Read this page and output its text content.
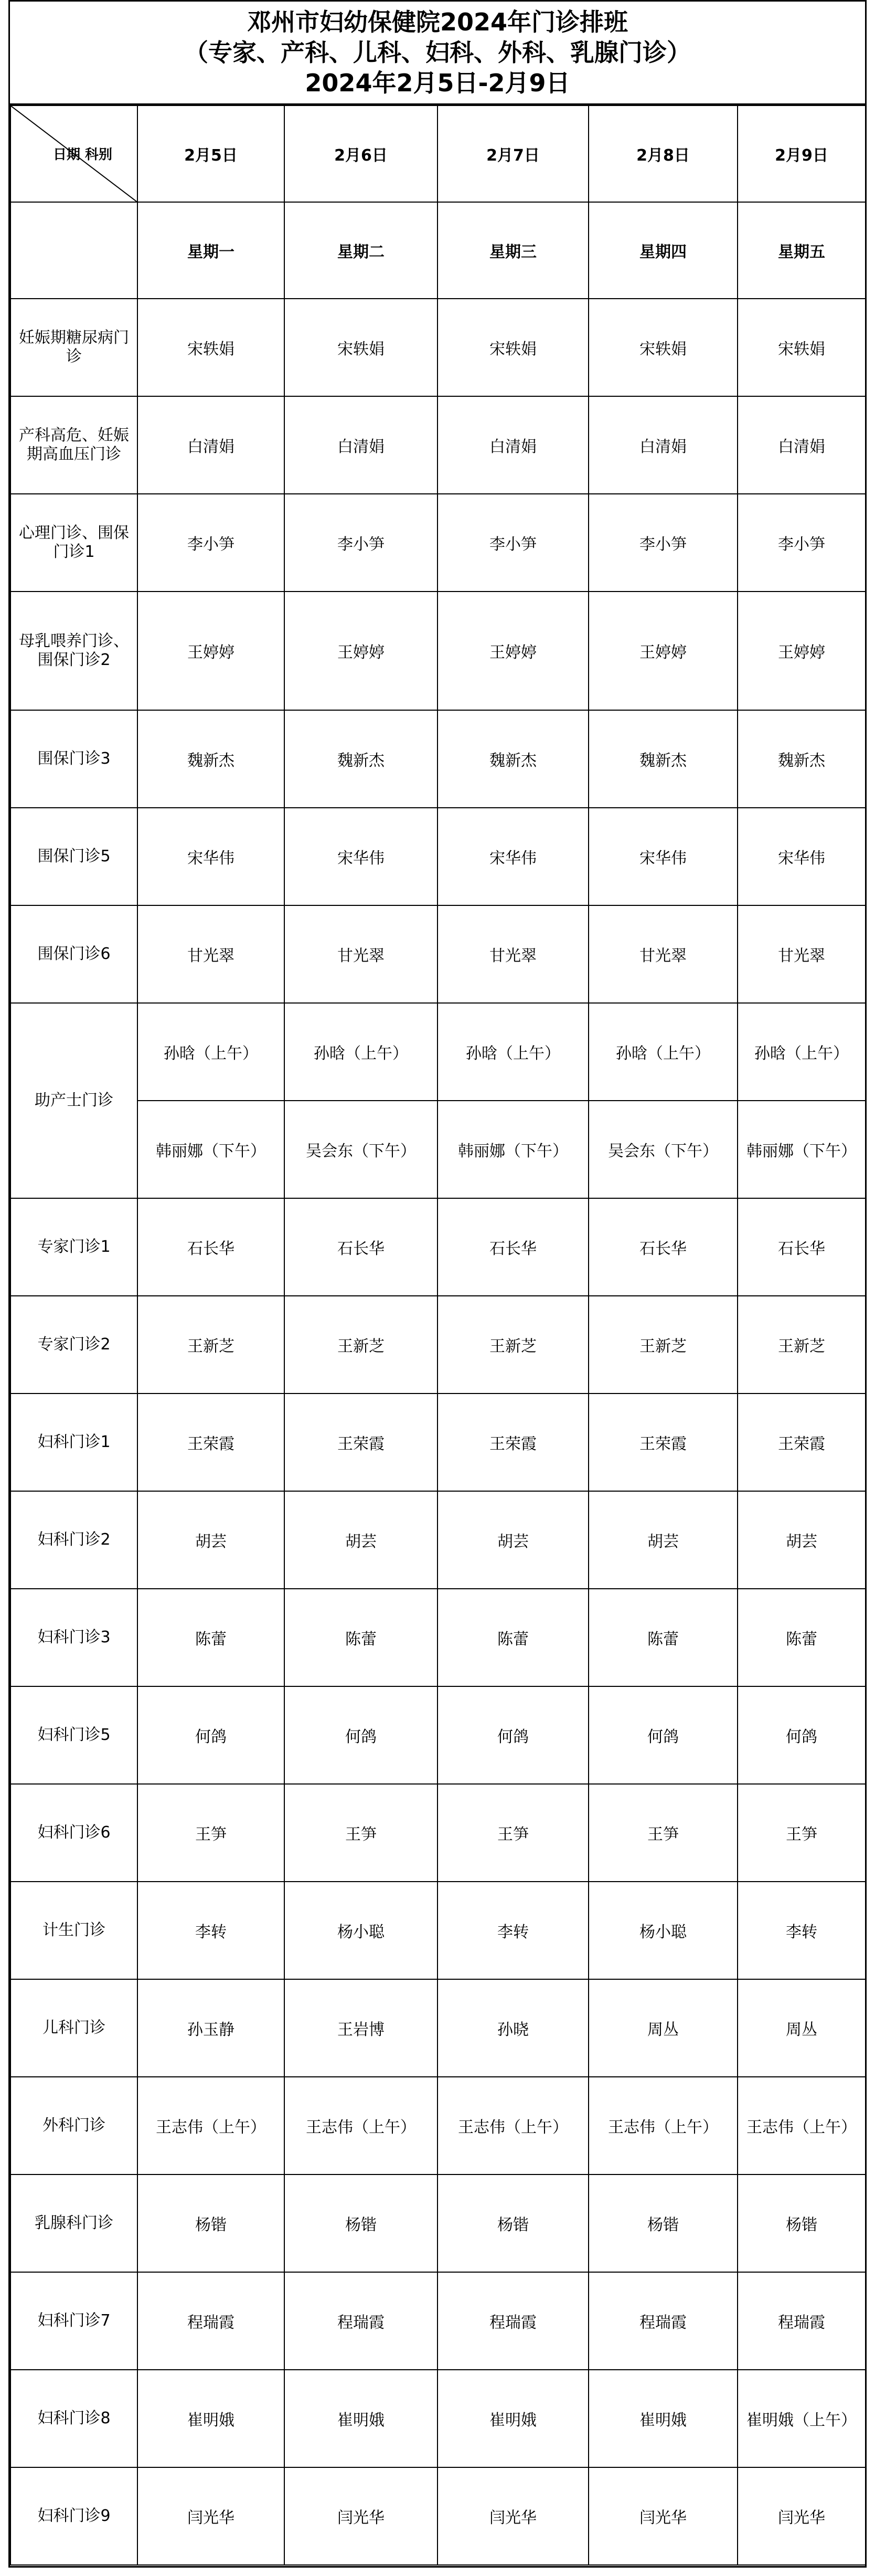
邓州市妇幼保健院2024年门诊排班
（专家、产科、儿科、妇科、外科、乳腺门诊）
2024年2月5日-2月9日
日期 科别	2月5日	2月6日	2月7日	2月8日	2月9日
	星期一	星期二	星期三	星期四	星期五
妊娠期糖尿病门诊	宋轶娟	宋轶娟	宋轶娟	宋轶娟	宋轶娟
产科高危、妊娠期高血压门诊	白清娟	白清娟	白清娟	白清娟	白清娟
心理门诊、围保门诊1	李小笋	李小笋	李小笋	李小笋	李小笋
母乳喂养门诊、围保门诊2	王婷婷	王婷婷	王婷婷	王婷婷	王婷婷
围保门诊3	魏新杰	魏新杰	魏新杰	魏新杰	魏新杰
围保门诊5	宋华伟	宋华伟	宋华伟	宋华伟	宋华伟
围保门诊6	甘光翠	甘光翠	甘光翠	甘光翠	甘光翠
助产士门诊	孙晗（上午）	孙晗（上午）	孙晗（上午）	孙晗（上午）	孙晗（上午）
	韩丽娜（下午）	吴会东（下午）	韩丽娜（下午）	吴会东（下午）	韩丽娜（下午）
专家门诊1	石长华	石长华	石长华	石长华	石长华
专家门诊2	王新芝	王新芝	王新芝	王新芝	王新芝
妇科门诊1	王荣霞	王荣霞	王荣霞	王荣霞	王荣霞
妇科门诊2	胡芸	胡芸	胡芸	胡芸	胡芸
妇科门诊3	陈蕾	陈蕾	陈蕾	陈蕾	陈蕾
妇科门诊5	何鸽	何鸽	何鸽	何鸽	何鸽
妇科门诊6	王笋	王笋	王笋	王笋	王笋
计生门诊	李转	杨小聪	李转	杨小聪	李转
儿科门诊	孙玉静	王岩博	孙晓	周丛	周丛
外科门诊	王志伟（上午）	王志伟（上午）	王志伟（上午）	王志伟（上午）	王志伟（上午）
乳腺科门诊	杨锴	杨锴	杨锴	杨锴	杨锴
妇科门诊7	程瑞霞	程瑞霞	程瑞霞	程瑞霞	程瑞霞
妇科门诊8	崔明娥	崔明娥	崔明娥	崔明娥	崔明娥（上午）
妇科门诊9	闫光华	闫光华	闫光华	闫光华	闫光华
